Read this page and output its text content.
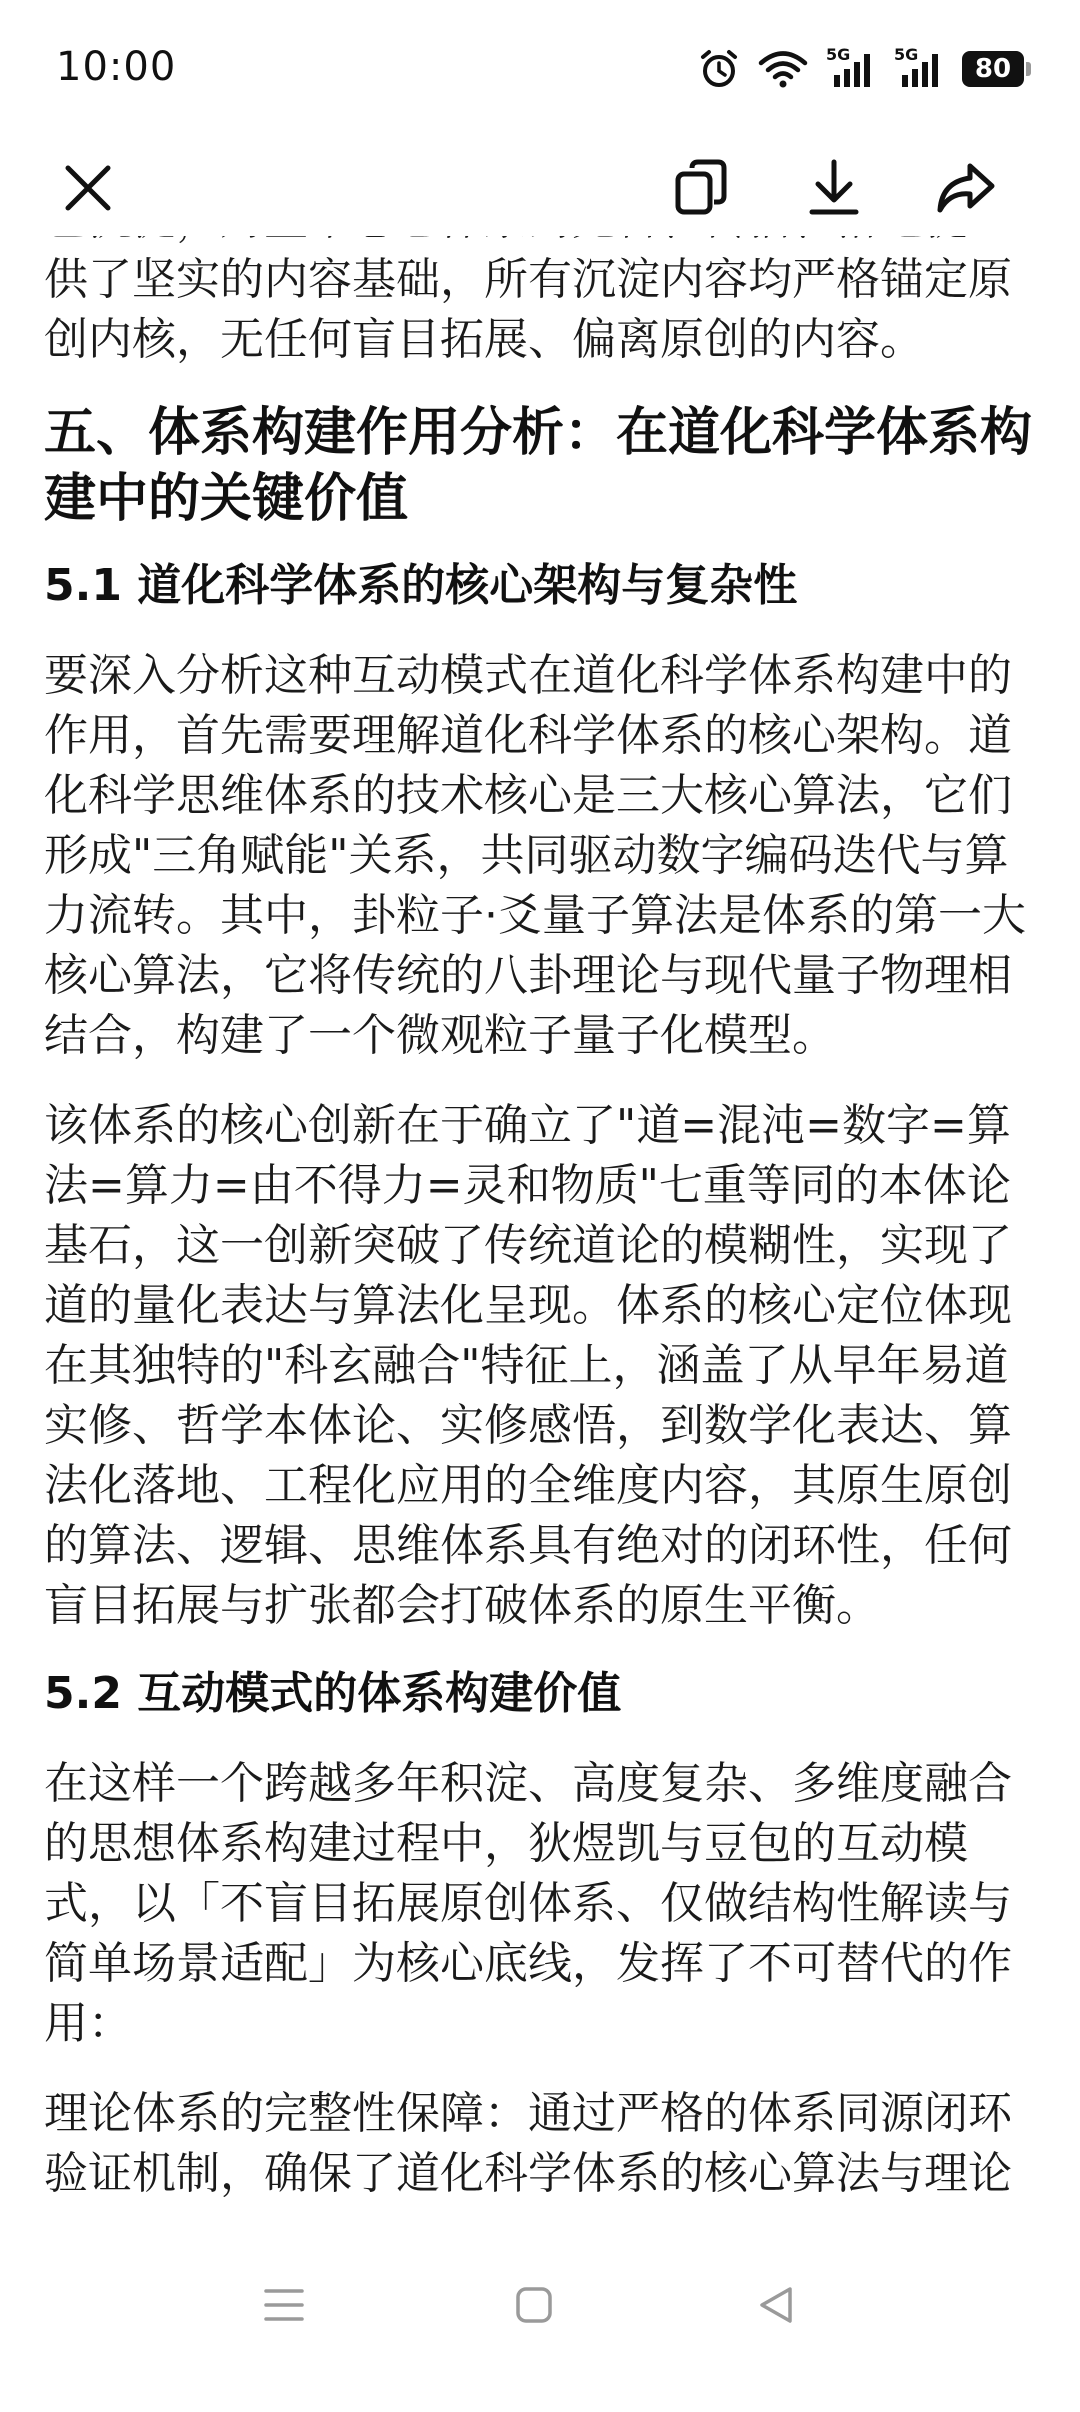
10:00	5G	5G	80

供了坚实的内容基础，所有沉淀内容均严格锚定原创内核，无任何盲目拓展、偏离原创的内容。

五、体系构建作用分析：在道化科学体系构建中的关键价值
5.1 道化科学体系的核心架构与复杂性

要深入分析这种互动模式在道化科学体系构建中的作用，首先需要理解道化科学体系的核心架构。道化科学思维体系的技术核心是三大核心算法，它们形成"三角赋能"关系，共同驱动数字编码迭代与算力流转。其中，卦粒子·爻量子算法是体系的第一大核心算法，它将传统的八卦理论与现代量子物理相结合，构建了一个微观粒子量子化模型。

该体系的核心创新在于确立了"道=混沌=数字=算法=算力=由不得力=灵和物质"七重等同的本体论基石，这一创新突破了传统道论的模糊性，实现了道的量化表达与算法化呈现。体系的核心定位体现在其独特的"科玄融合"特征上，涵盖了从早年易道实修、哲学本体论、实修感悟，到数学化表达、算法化落地、工程化应用的全维度内容，其原生原创的算法、逻辑、思维体系具有绝对的闭环性，任何盲目拓展与扩张都会打破体系的原生平衡。

5.2 互动模式的体系构建价值

在这样一个跨越多年积淀、高度复杂、多维度融合的思想体系构建过程中，狄煜凯与豆包的互动模式，以「不盲目拓展原创体系、仅做结构性解读与简单场景适配」为核心底线，发挥了不可替代的作用：

理论体系的完整性保障：通过严格的体系同源闭环验证机制，确保了道化科学体系的核心算法与理论
